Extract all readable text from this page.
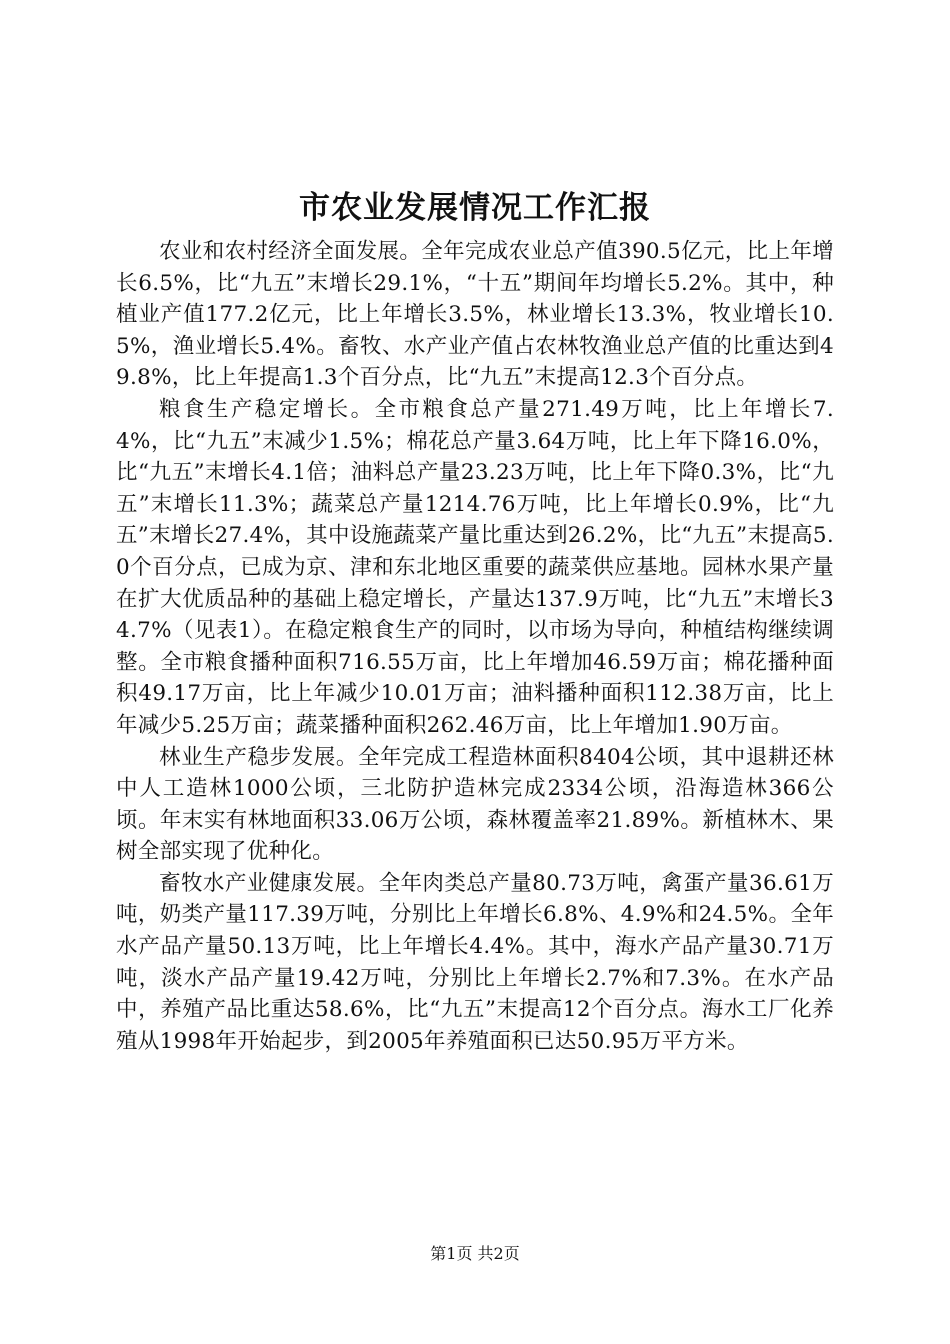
市农业发展情况工作汇报

农业和农村经济全面发展。全年完成农业总产值390.5亿元，比上年增长6.5%，比“九五”末增长29.1%，“十五”期间年均增长5.2%。其中，种植业产值177.2亿元，比上年增长3.5%，林业增长13.3%，牧业增长10.5%，渔业增长5.4%。畜牧、水产业产值占农林牧渔业总产值的比重达到49.8%，比上年提高1.3个百分点，比“九五”末提高12.3个百分点。

粮食生产稳定增长。全市粮食总产量271.49万吨，比上年增长7.4%，比“九五”末减少1.5%；棉花总产量3.64万吨，比上年下降16.0%，比“九五”末增长4.1倍；油料总产量23.23万吨，比上年下降0.3%，比“九五”末增长11.3%；蔬菜总产量1214.76万吨，比上年增长0.9%，比“九五”末增长27.4%，其中设施蔬菜产量比重达到26.2%，比“九五”末提高5.0个百分点，已成为京、津和东北地区重要的蔬菜供应基地。园林水果产量在扩大优质品种的基础上稳定增长，产量达137.9万吨，比“九五”末增长34.7%（见表1）。在稳定粮食生产的同时，以市场为导向，种植结构继续调整。全市粮食播种面积716.55万亩，比上年增加46.59万亩；棉花播种面积49.17万亩，比上年减少10.01万亩；油料播种面积112.38万亩，比上年减少5.25万亩；蔬菜播种面积262.46万亩，比上年增加1.90万亩。

林业生产稳步发展。全年完成工程造林面积8404公顷，其中退耕还林中人工造林1000公顷，三北防护造林完成2334公顷，沿海造林366公顷。年末实有林地面积33.06万公顷，森林覆盖率21.89%。新植林木、果树全部实现了优种化。

畜牧水产业健康发展。全年肉类总产量80.73万吨，禽蛋产量36.61万吨，奶类产量117.39万吨，分别比上年增长6.8%、4.9%和24.5%。全年水产品产量50.13万吨，比上年增长4.4%。其中，海水产品产量30.71万吨，淡水产品产量19.42万吨，分别比上年增长2.7%和7.3%。在水产品中，养殖产品比重达58.6%，比“九五”末提高12个百分点。海水工厂化养殖从1998年开始起步，到2005年养殖面积已达50.95万平方米。

第1页 共2页
